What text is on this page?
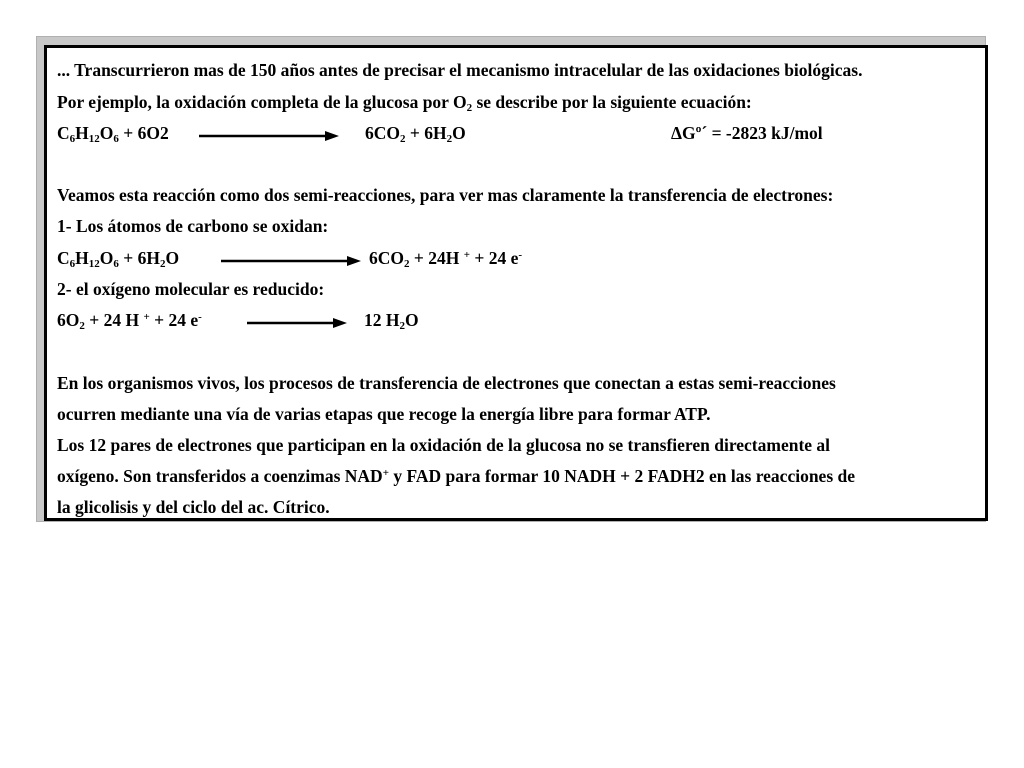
... Transcurrieron mas de 150 años antes de precisar el mecanismo intracelular de las oxidaciones biológicas.
Por ejemplo, la oxidación completa de la glucosa por $O_2$ se describe por la siguiente ecuación:
$C_6H_{12}O_6 + 6O2$	$6CO_2 + 6H_2O$	ΔGº´ = -2823 kJ/mol
Veamos esta reacción como dos semi-reacciones, para ver mas claramente la transferencia de electrones:
1- Los átomos de carbono se oxidan:
$C_6H_{12}O_6 + 6H_2O$	$6CO_2 + 24H$ + + 24 e-
2- el oxígeno molecular es reducido:
$6O_2 + 24$ H + + 24 e-	12 $H_2O$
En los organismos vivos, los procesos de transferencia de electrones que conectan a estas semi-reacciones
ocurren mediante una vía de varias etapas que recoge la energía libre para formar ATP.
Los 12 pares de electrones que participan en la oxidación de la glucosa no se transfieren directamente al
oxígeno. Son transferidos a coenzimas NAD+ y FAD para formar 10 NADH + 2 FADH2 en las reacciones de
la glicolisis y del ciclo del ac. Cítrico.
